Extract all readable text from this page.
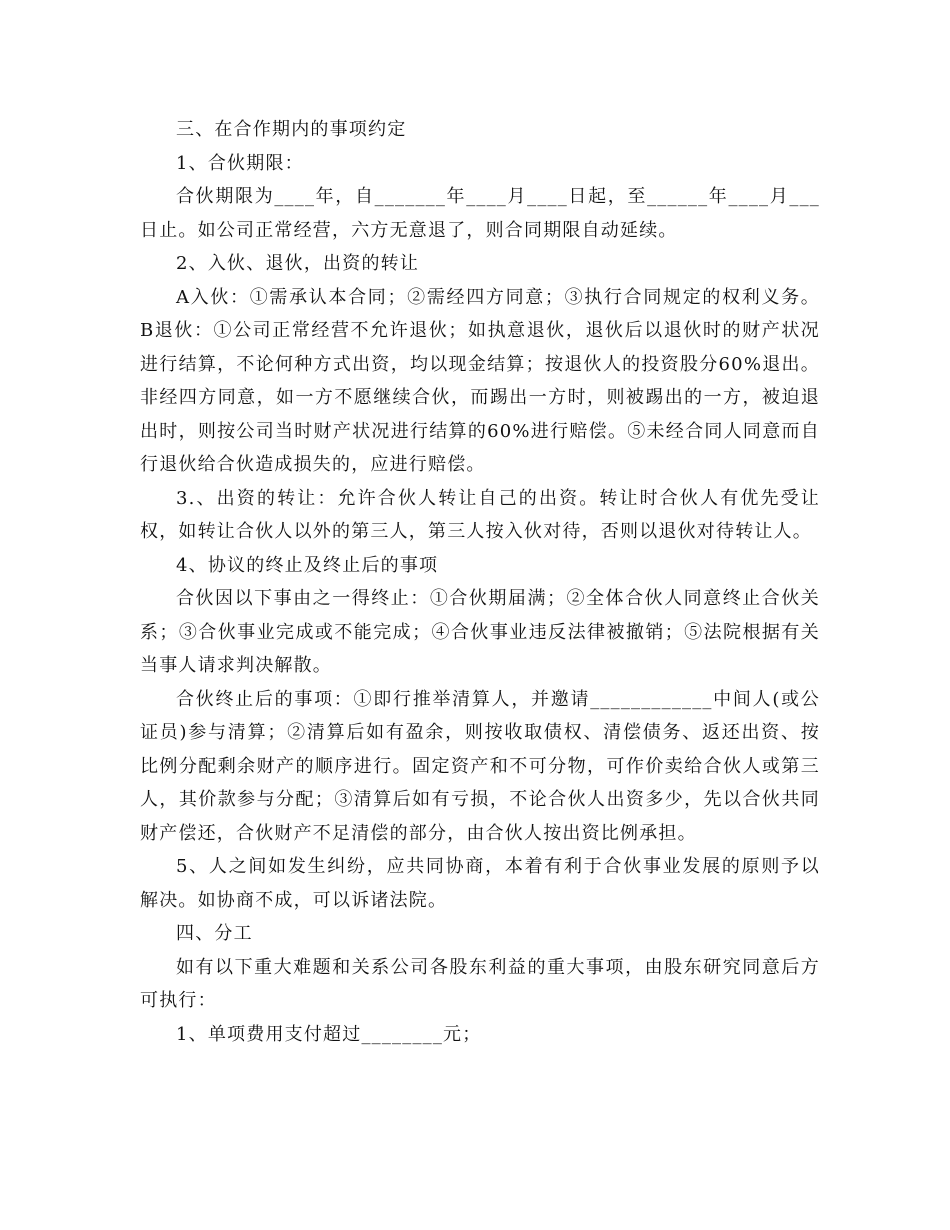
三、在合作期内的事项约定

1、合伙期限：

合伙期限为____年，自_______年____月____日起，至______年____月___日止。如公司正常经营，六方无意退了，则合同期限自动延续。

2、入伙、退伙，出资的转让

A入伙：①需承认本合同；②需经四方同意；③执行合同规定的权利义务。 B退伙：①公司正常经营不允许退伙；如执意退伙，退伙后以退伙时的财产状况进行结算，不论何种方式出资，均以现金结算；按退伙人的投资股分60%退出。非经四方同意，如一方不愿继续合伙，而踢出一方时，则被踢出的一方，被迫退出时，则按公司当时财产状况进行结算的60%进行赔偿。⑤未经合同人同意而自行退伙给合伙造成损失的，应进行赔偿。

3.、出资的转让：允许合伙人转让自己的出资。转让时合伙人有优先受让权，如转让合伙人以外的第三人，第三人按入伙对待，否则以退伙对待转让人。

4、协议的终止及终止后的事项

合伙因以下事由之一得终止：①合伙期届满；②全体合伙人同意终止合伙关系；③合伙事业完成或不能完成；④合伙事业违反法律被撤销；⑤法院根据有关当事人请求判决解散。

合伙终止后的事项：①即行推举清算人，并邀请____________中间人(或公证员)参与清算；②清算后如有盈余，则按收取债权、清偿债务、返还出资、按比例分配剩余财产的顺序进行。固定资产和不可分物，可作价卖给合伙人或第三人，其价款参与分配；③清算后如有亏损，不论合伙人出资多少，先以合伙共同财产偿还，合伙财产不足清偿的部分，由合伙人按出资比例承担。

5、人之间如发生纠纷，应共同协商，本着有利于合伙事业发展的原则予以解决。如协商不成，可以诉诸法院。

四、分工

如有以下重大难题和关系公司各股东利益的重大事项，由股东研究同意后方可执行：

1、单项费用支付超过________元；
